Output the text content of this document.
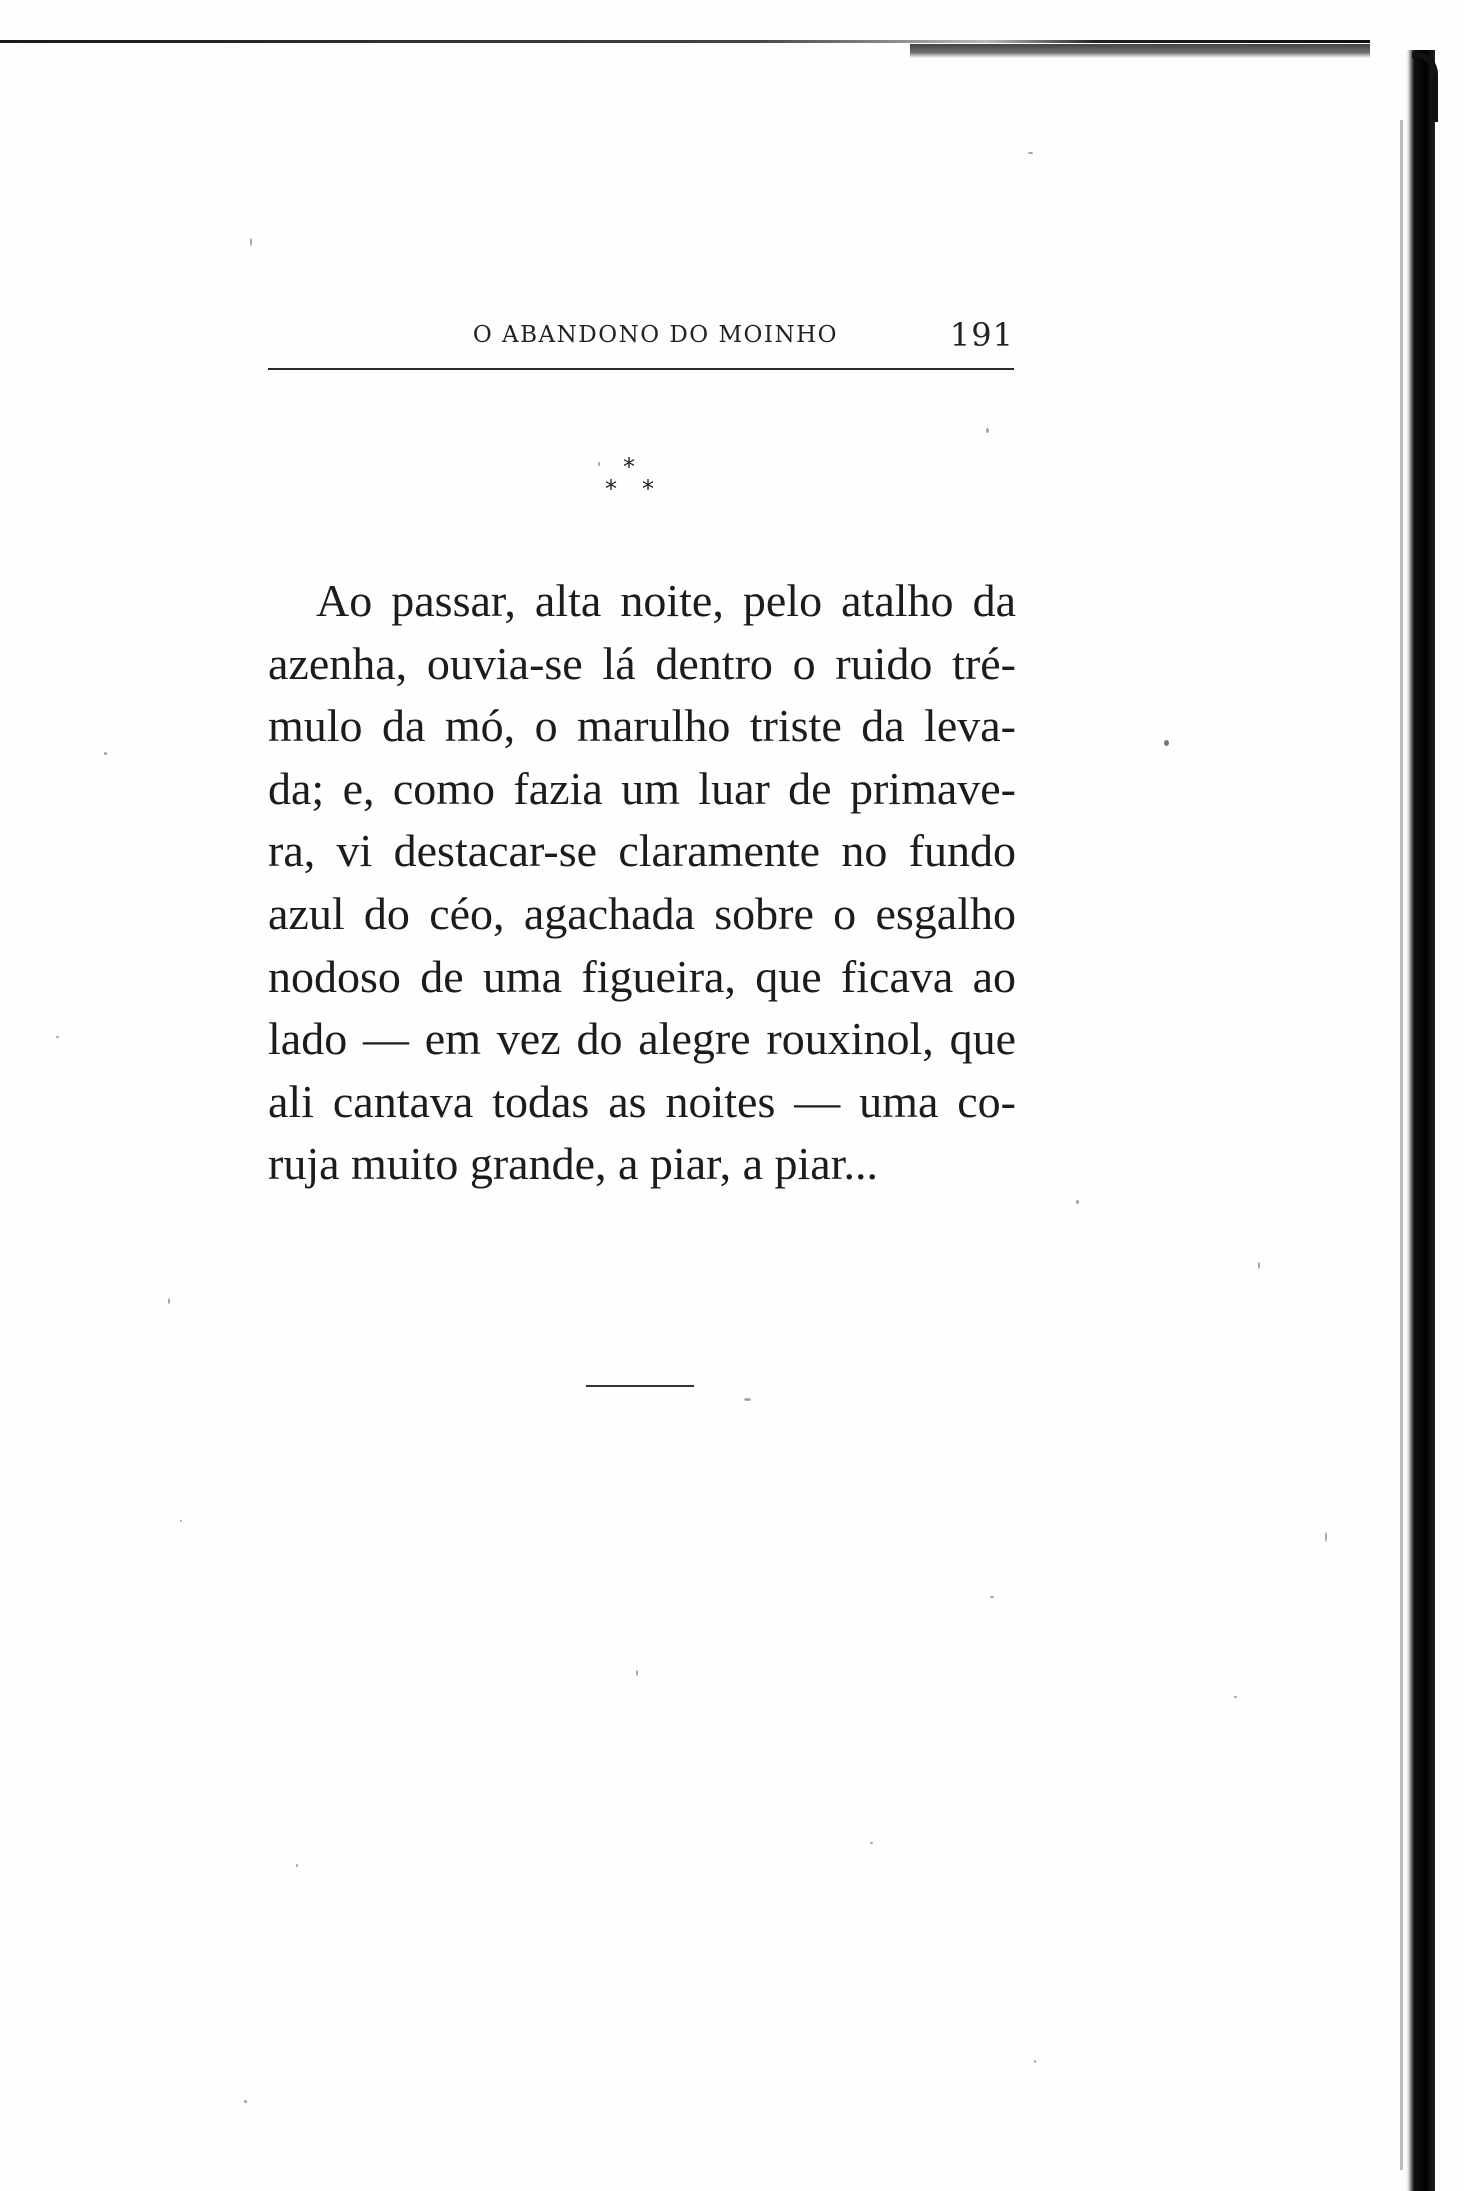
O ABANDONO DO MOINHO	191
*
* *
Ao passar, alta noite, pelo atalho da
azenha, ouvia-se lá dentro o ruido tré-
mulo da mó, o marulho triste da leva-
da; e, como fazia um luar de primave-
ra, vi destacar-se claramente no fundo
azul do céo, agachada sobre o esgalho
nodoso de uma figueira, que ficava ao
lado — em vez do alegre rouxinol, que
ali cantava todas as noites — uma co-
ruja muito grande, a piar, a piar...
